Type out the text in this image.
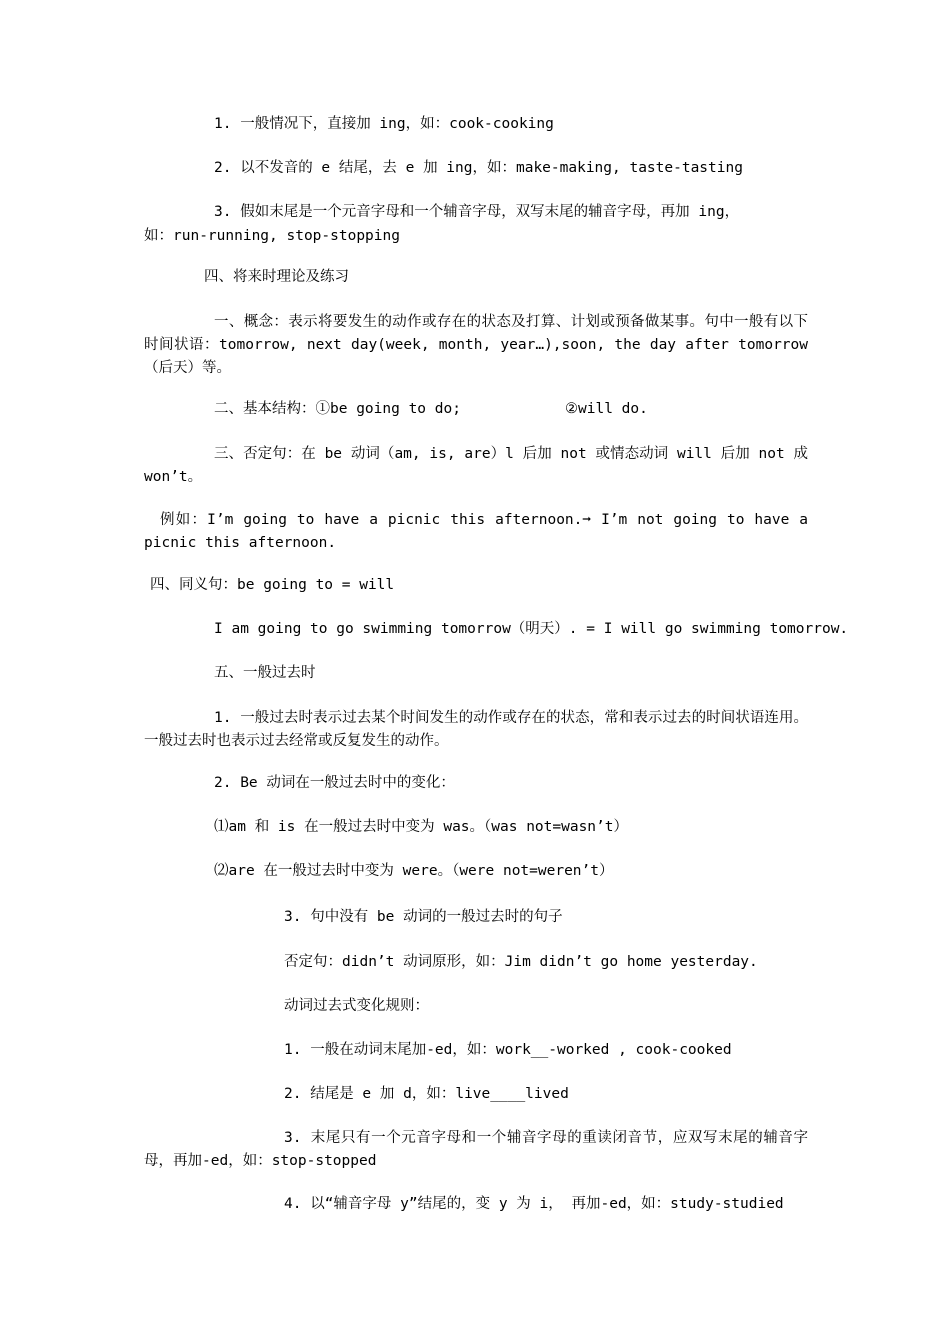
1. 一般情况下，直接加 ing，如：cook-cooking
2. 以不发音的 e 结尾，去 e 加 ing，如：make-making, taste-tasting
3. 假如末尾是一个元音字母和一个辅音字母，双写末尾的辅音字母，再加 ing，
如：run-running, stop-stopping
四、将来时理论及练习
一、概念：表示将要发生的动作或存在的状态及打算、计划或预备做某事。句中一般有以下时间状语：tomorrow, next day(week, month, year…),soon, the day after tomorrow（后天）等。
二、基本结构：①be going to do;	②will do.
三、否定句：在 be 动词（am, is, are）l 后加 not 或情态动词 will 后加 not 成 won’t。
例如：I’m going to have a picnic this afternoon.➞ I’m not going to have a picnic this afternoon.
四、同义句：be going to = will
I am going to go swimming tomorrow（明天）. = I will go swimming tomorrow.
五、一般过去时
1. 一般过去时表示过去某个时间发生的动作或存在的状态，常和表示过去的时间状语连用。一般过去时也表示过去经常或反复发生的动作。
2. Be 动词在一般过去时中的变化：
⑴am 和 is 在一般过去时中变为 was。（was not=wasn’t）
⑵are 在一般过去时中变为 were。（were not=weren’t）
3. 句中没有 be 动词的一般过去时的句子
否定句：didn’t 动词原形，如：Jim didn’t go home yesterday.
动词过去式变化规则：
1. 一般在动词末尾加-ed，如：work__-worked , cook-cooked
2. 结尾是 e 加 d，如：live____lived
3. 末尾只有一个元音字母和一个辅音字母的重读闭音节，应双写末尾的辅音字母，再加-ed，如：stop-stopped
4. 以“辅音字母 y”结尾的，变 y 为 i， 再加-ed，如：study-studied
